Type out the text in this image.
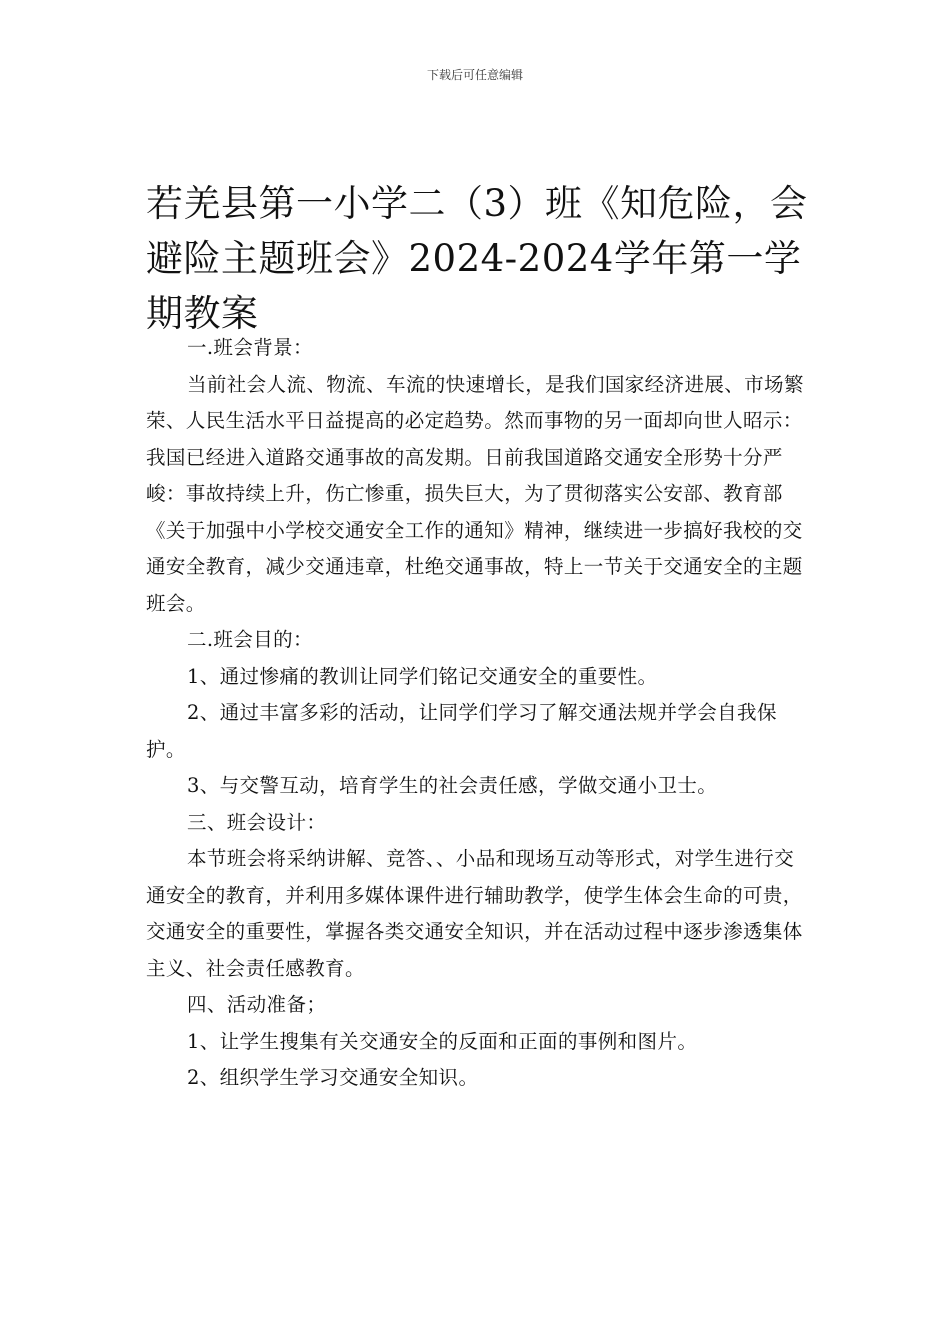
下载后可任意编辑
若羌县第一小学二（3）班《知危险，会避险主题班会》2024-2024学年第一学期教案

一.班会背景：

当前社会人流、物流、车流的快速增长，是我们国家经济进展、市场繁荣、人民生活水平日益提高的必定趋势。然而事物的另一面却向世人昭示：我国已经进入道路交通事故的高发期。日前我国道路交通安全形势十分严峻：事故持续上升，伤亡惨重，损失巨大，为了贯彻落实公安部、教育部《关于加强中小学校交通安全工作的通知》精神，继续进一步搞好我校的交通安全教育，减少交通违章，杜绝交通事故，特上一节关于交通安全的主题班会。

二.班会目的：

1、通过惨痛的教训让同学们铭记交通安全的重要性。

2、通过丰富多彩的活动，让同学们学习了解交通法规并学会自我保护。

3、与交警互动，培育学生的社会责任感，学做交通小卫士。

三、班会设计：

本节班会将采纳讲解、竞答、、小品和现场互动等形式，对学生进行交通安全的教育，并利用多媒体课件进行辅助教学，使学生体会生命的可贵，交通安全的重要性，掌握各类交通安全知识，并在活动过程中逐步渗透集体主义、社会责任感教育。

四、活动准备；

1、让学生搜集有关交通安全的反面和正面的事例和图片。

2、组织学生学习交通安全知识。
